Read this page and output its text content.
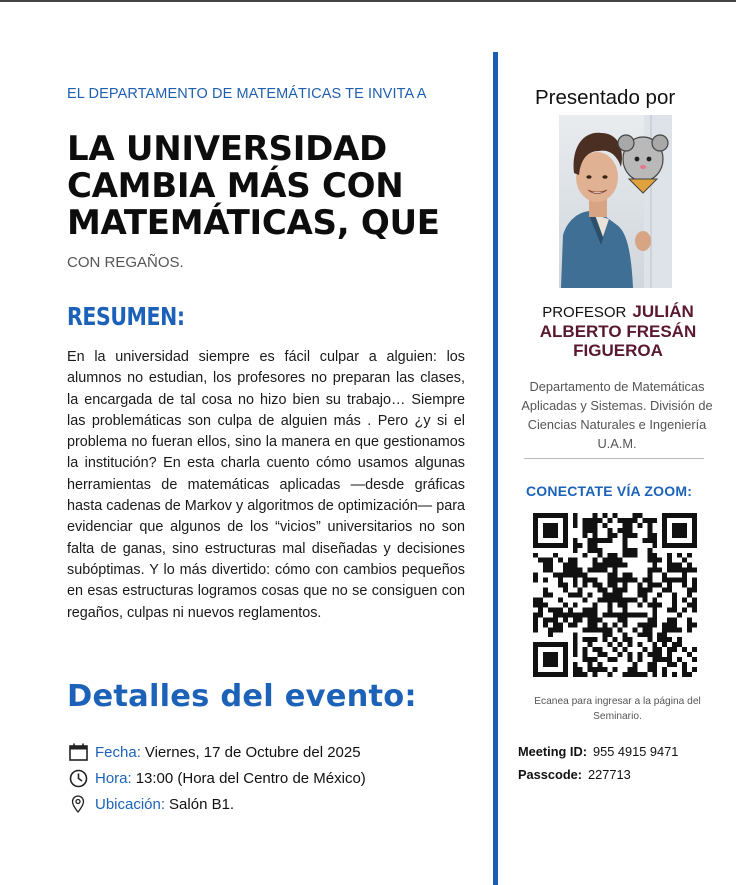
EL DEPARTAMENTO DE MATEMÁTICAS TE INVITA A
LA UNIVERSIDAD
CAMBIA MÁS CON
MATEMÁTICAS, QUE
CON REGAÑOS.
RESUMEN:

En la universidad siempre es fácil culpar a alguien: los alumnos no estudian, los profesores no preparan las clases, la encargada de tal cosa no hizo bien su trabajo… Siempre las problemáticas son culpa de alguien más . Pero ¿y si el problema no fueran ellos, sino la manera en que gestionamos la institución? En esta charla cuento cómo usamos algunas herramientas de matemáticas aplicadas —desde gráficas hasta cadenas de Markov y algoritmos de optimización— para evidenciar que algunos de los “vicios” universitarios no son falta de ganas, sino estructuras mal diseñadas y decisiones subóptimas. Y lo más divertido: cómo con cambios pequeños en esas estructuras logramos cosas que no se consiguen con regaños, culpas ni nuevos reglamentos.

Detalles del evento:
Fecha: Viernes, 17 de Octubre del 2025
Hora: 13:00 (Hora del Centro de México)
Ubicación: Salón B1.
Presentado por
PROFESOR JULIÁN
ALBERTO FRESÁN
FIGUEROA
Departamento de Matemáticas Aplicadas y Sistemas. División de Ciencias Naturales e Ingeniería U.A.M.
CONECTATE VÍA ZOOM:
Ecanea para ingresar a la página del Seminario.
Meeting ID: 955 4915 9471
Passcode: 227713
